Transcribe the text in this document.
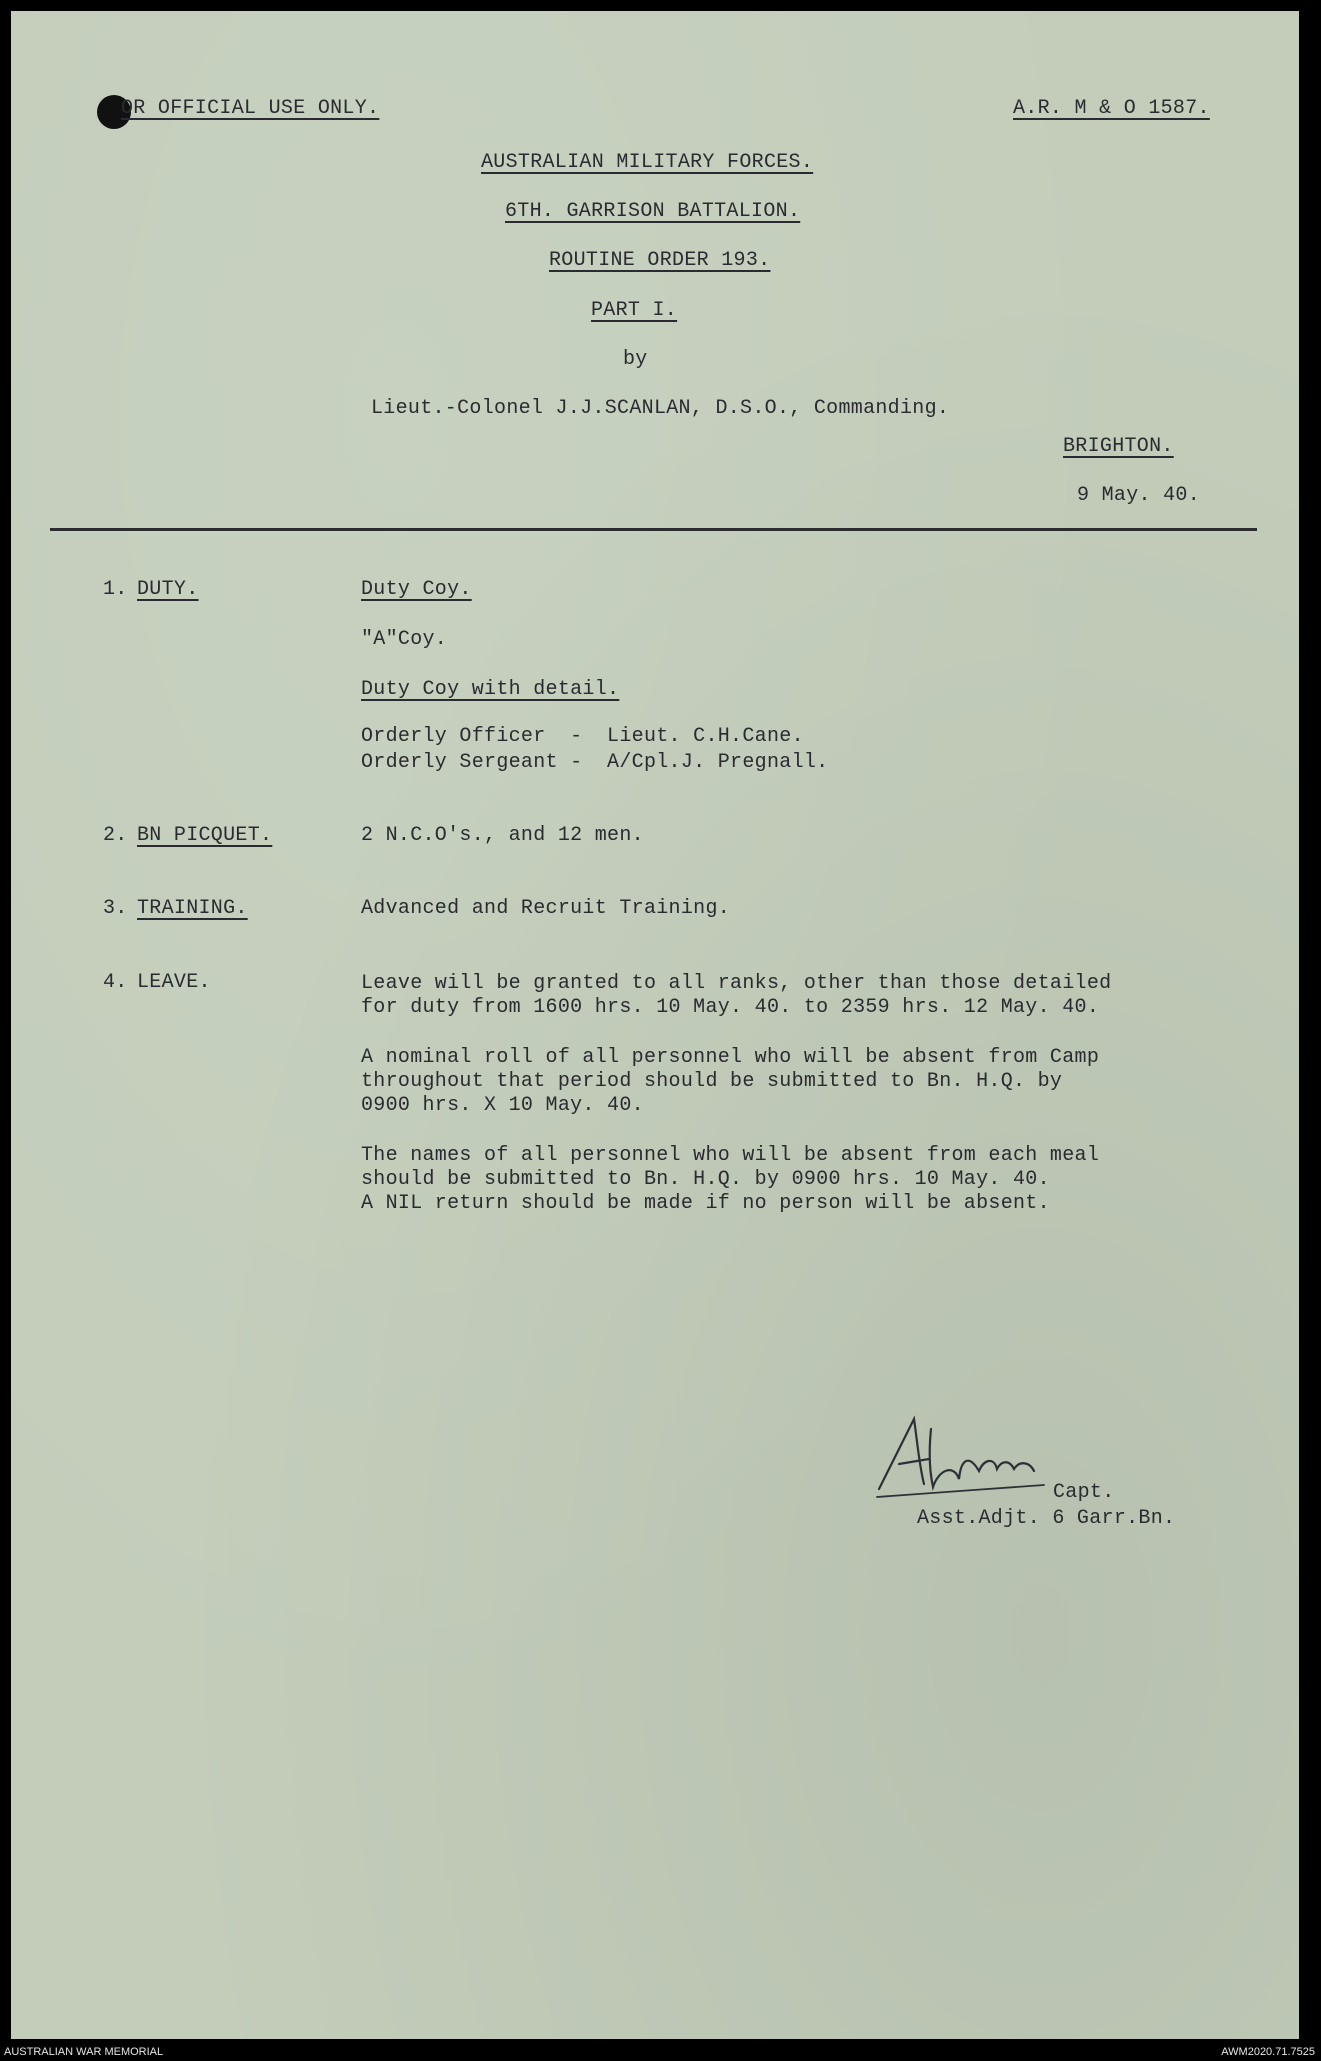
OR OFFICIAL USE ONLY.	A.R. M & O 1587.
AUSTRALIAN MILITARY FORCES.
6TH. GARRISON BATTALION.
ROUTINE ORDER 193.
PART I.
by
Lieut.-Colonel J.J.SCANLAN, D.S.O., Commanding.
BRIGHTON.
9 May. 40.
1. DUTY.	Duty Coy.
"A"Coy.
Duty Coy with detail.
Orderly Officer  -  Lieut. C.H.Cane.
Orderly Sergeant -  A/Cpl.J. Pregnall.
2. BN PICQUET.	2 N.C.O's., and 12 men.
3. TRAINING.	Advanced and Recruit Training.
4. LEAVE.	Leave will be granted to all ranks, other than those detailed
for duty from 1600 hrs. 10 May. 40. to 2359 hrs. 12 May. 40.
A nominal roll of all personnel who will be absent from Camp
throughout that period should be submitted to Bn. H.Q. by
0900 hrs. X 10 May. 40.
The names of all personnel who will be absent from each meal
should be submitted to Bn. H.Q. by 0900 hrs. 10 May. 40.
A NIL return should be made if no person will be absent.
Capt.
Asst.Adjt. 6 Garr.Bn.
AUSTRALIAN WAR MEMORIAL	AWM2020.71.7525
